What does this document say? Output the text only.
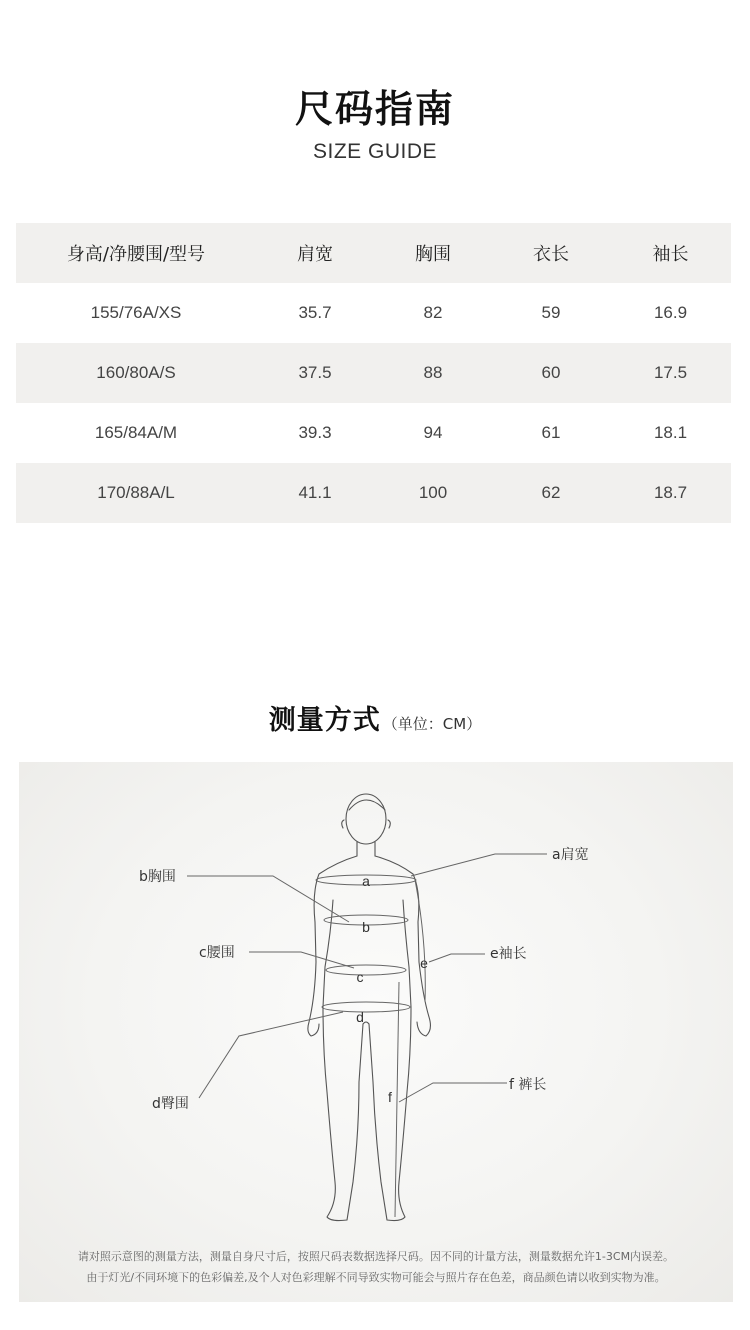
尺码指南
SIZE GUIDE
身高/净腰围/型号	肩宽	胸围	衣长	袖长
155/76A/XS	35.7	82	59	16.9
160/80A/S	37.5	88	60	17.5
165/84A/M	39.3	94	61	18.1
170/88A/L	41.1	100	62	18.7
测量方式 （单位：CM）
a
b
c
d
e
f
a肩宽
b胸围
c腰围	e袖长
d臀围
f 裤长
请对照示意图的测量方法，测量自身尺寸后，按照尺码表数据选择尺码。因不同的计量方法，测量数据允许1-3CM内误差。
由于灯光/不同环境下的色彩偏差,及个人对色彩理解不同导致实物可能会与照片存在色差，商品颜色请以收到实物为准。
